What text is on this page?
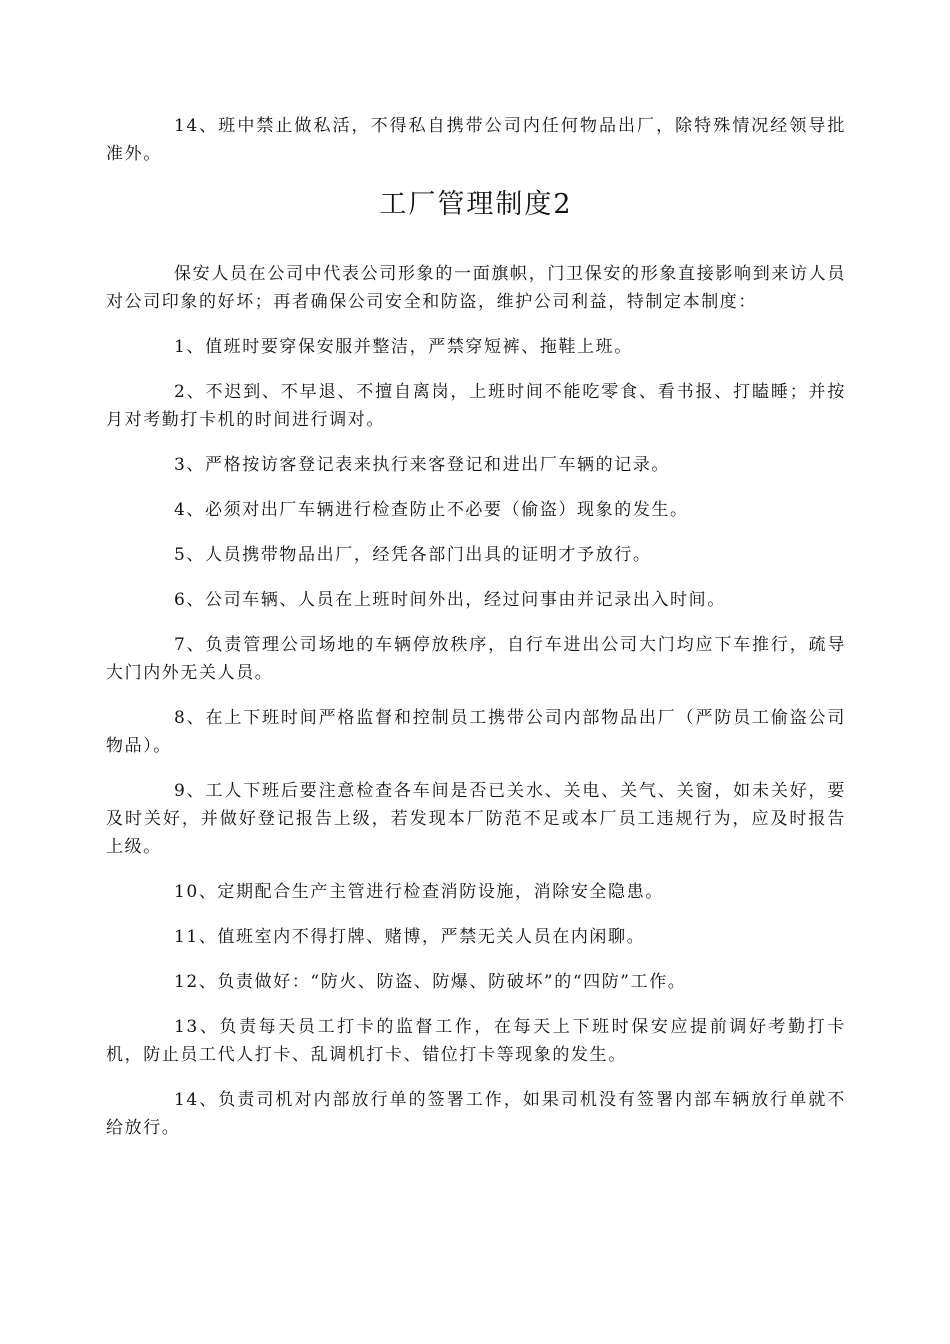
14、班中禁止做私活，不得私自携带公司内任何物品出厂，除特殊情况经领导批准外。

工厂管理制度2

保安人员在公司中代表公司形象的一面旗帜，门卫保安的形象直接影响到来访人员对公司印象的好坏；再者确保公司安全和防盗，维护公司利益，特制定本制度：

1、值班时要穿保安服并整洁，严禁穿短裤、拖鞋上班。

2、不迟到、不早退、不擅自离岗，上班时间不能吃零食、看书报、打瞌睡；并按月对考勤打卡机的时间进行调对。

3、严格按访客登记表来执行来客登记和进出厂车辆的记录。

4、必须对出厂车辆进行检查防止不必要（偷盗）现象的发生。

5、人员携带物品出厂，经凭各部门出具的证明才予放行。

6、公司车辆、人员在上班时间外出，经过问事由并记录出入时间。

7、负责管理公司场地的车辆停放秩序，自行车进出公司大门均应下车推行，疏导大门内外无关人员。

8、在上下班时间严格监督和控制员工携带公司内部物品出厂（严防员工偷盗公司物品）。

9、工人下班后要注意检查各车间是否已关水、关电、关气、关窗，如未关好，要及时关好，并做好登记报告上级，若发现本厂防范不足或本厂员工违规行为，应及时报告上级。

10、定期配合生产主管进行检查消防设施，消除安全隐患。

11、值班室内不得打牌、赌博，严禁无关人员在内闲聊。

12、负责做好：“防火、防盗、防爆、防破坏”的“四防”工作。

13、负责每天员工打卡的监督工作，在每天上下班时保安应提前调好考勤打卡机，防止员工代人打卡、乱调机打卡、错位打卡等现象的发生。

14、负责司机对内部放行单的签署工作，如果司机没有签署内部车辆放行单就不给放行。
